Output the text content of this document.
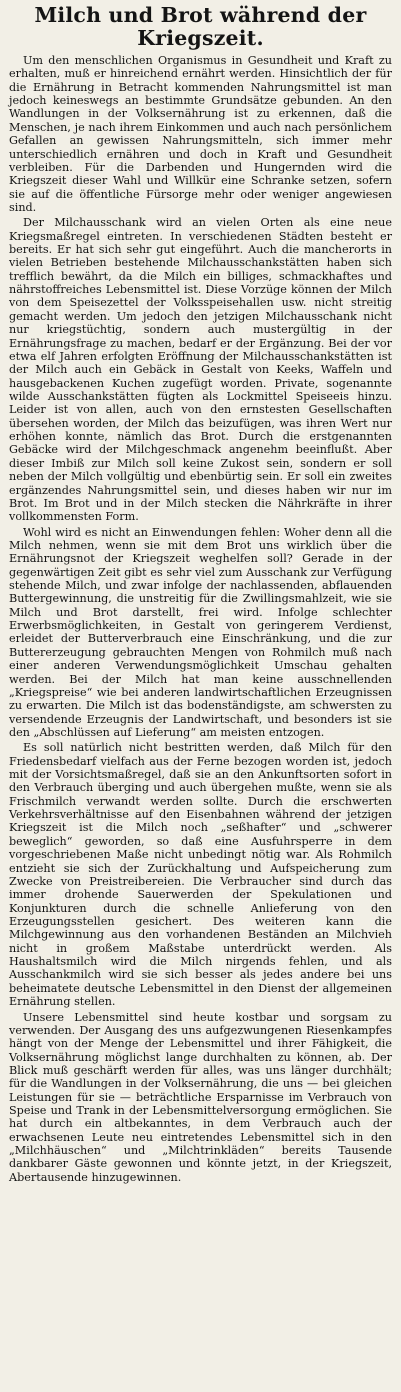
Milch und Brot während der Kriegszeit.

Um den menschlichen Organismus in Gesundheit und Kraft zu erhalten, muß er hinreichend ernährt werden. Hinsichtlich der für die Ernährung in Betracht kommenden Nahrungsmittel ist man jedoch keineswegs an bestimmte Grundsätze gebunden. An den Wandlungen in der Volksernährung ist zu erkennen, daß die Menschen, je nach ihrem Einkommen und auch nach persönlichem Gefallen an gewissen Nahrungsmitteln, sich immer mehr unterschiedlich ernähren und doch in Kraft und Gesundheit verbleiben. Für die Darbenden und Hungernden wird die Kriegszeit dieser Wahl und Willkür eine Schranke setzen, sofern sie auf die öffentliche Fürsorge mehr oder weniger angewiesen sind.

Der Milchausschank wird an vielen Orten als eine neue Kriegsmaßregel eintreten. In verschiedenen Städten besteht er bereits. Er hat sich sehr gut eingeführt. Auch die mancherorts in vielen Betrieben bestehende Milchausschankstätten haben sich trefflich bewährt, da die Milch ein billiges, schmackhaftes und nährstoffreiches Lebensmittel ist. Diese Vorzüge können der Milch von dem Speisezettel der Volksspeisehallen usw. nicht streitig gemacht werden. Um jedoch den jetzigen Milchausschank nicht nur kriegstüchtig, sondern auch mustergültig in der Ernährungsfrage zu machen, bedarf er der Ergänzung. Bei der vor etwa elf Jahren erfolgten Eröffnung der Milchausschankstätten ist der Milch auch ein Gebäck in Gestalt von Keeks, Waffeln und hausgebackenen Kuchen zugefügt worden. Private, sogenannte wilde Ausschankstätten fügten als Lockmittel Speiseeis hinzu. Leider ist von allen, auch von den ernstesten Gesellschaften übersehen worden, der Milch das beizufügen, was ihren Wert nur erhöhen konnte, nämlich das Brot. Durch die erstgenannten Gebäcke wird der Milchgeschmack angenehm beeinflußt. Aber dieser Imbiß zur Milch soll keine Zukost sein, sondern er soll neben der Milch vollgültig und ebenbürtig sein. Er soll ein zweites ergänzendes Nahrungsmittel sein, und dieses haben wir nur im Brot. Im Brot und in der Milch stecken die Nährkräfte in ihrer vollkommensten Form.

Wohl wird es nicht an Einwendungen fehlen: Woher denn all die Milch nehmen, wenn sie mit dem Brot uns wirklich über die Ernährungsnot der Kriegszeit weghelfen soll? Gerade in der gegenwärtigen Zeit gibt es sehr viel zum Ausschank zur Verfügung stehende Milch, und zwar infolge der nachlassenden, abflauenden Buttergewinnung, die unstreitig für die Zwillingsmahlzeit, wie sie Milch und Brot darstellt, frei wird. Infolge schlechter Erwerbsmöglichkeiten, in Gestalt von geringerem Verdienst, erleidet der Butterverbrauch eine Einschränkung, und die zur Buttererzeugung gebrauchten Mengen von Rohmilch muß nach einer anderen Verwendungsmöglichkeit Umschau gehalten werden. Bei der Milch hat man keine ausschnellenden „Kriegspreise“ wie bei anderen landwirtschaftlichen Erzeugnissen zu erwarten. Die Milch ist das bodenständigste, am schwersten zu versendende Erzeugnis der Landwirtschaft, und besonders ist sie den „Abschlüssen auf Lieferung“ am meisten entzogen.

Es soll natürlich nicht bestritten werden, daß Milch für den Friedensbedarf vielfach aus der Ferne bezogen worden ist, jedoch mit der Vorsichtsmaßregel, daß sie an den Ankunftsorten sofort in den Verbrauch überging und auch übergehen mußte, wenn sie als Frischmilch verwandt werden sollte. Durch die erschwerten Verkehrsverhältnisse auf den Eisenbahnen während der jetzigen Kriegszeit ist die Milch noch „seßhafter“ und „schwerer beweglich“ geworden, so daß eine Ausfuhrsperre in dem vorgeschriebenen Maße nicht unbedingt nötig war. Als Rohmilch entzieht sie sich der Zurückhaltung und Aufspeicherung zum Zwecke von Preistreibereien. Die Verbraucher sind durch das immer drohende Sauerwerden der Spekulationen und Konjunkturen durch die schnelle Anlieferung von den Erzeugungsstellen gesichert. Des weiteren kann die Milchgewinnung aus den vorhandenen Beständen an Milchvieh nicht in großem Maßstabe unterdrückt werden. Als Haushaltsmilch wird die Milch nirgends fehlen, und als Ausschankmilch wird sie sich besser als jedes andere bei uns beheimatete deutsche Lebensmittel in den Dienst der allgemeinen Ernährung stellen.

Unsere Lebensmittel sind heute kostbar und sorgsam zu verwenden. Der Ausgang des uns aufgezwungenen Riesenkampfes hängt von der Menge der Lebensmittel und ihrer Fähigkeit, die Volksernährung möglichst lange durchhalten zu können, ab. Der Blick muß geschärft werden für alles, was uns länger durchhält; für die Wandlungen in der Volksernährung, die uns — bei gleichen Leistungen für sie — beträchtliche Ersparnisse im Verbrauch von Speise und Trank in der Lebensmittelversorgung ermöglichen. Sie hat durch ein altbekanntes, in dem Verbrauch auch der erwachsenen Leute neu eintretendes Lebensmittel sich in den „Milchhäuschen“ und „Milchtrinkläden“ bereits Tausende dankbarer Gäste gewonnen und könnte jetzt, in der Kriegszeit, Abertausende hinzugewinnen.
